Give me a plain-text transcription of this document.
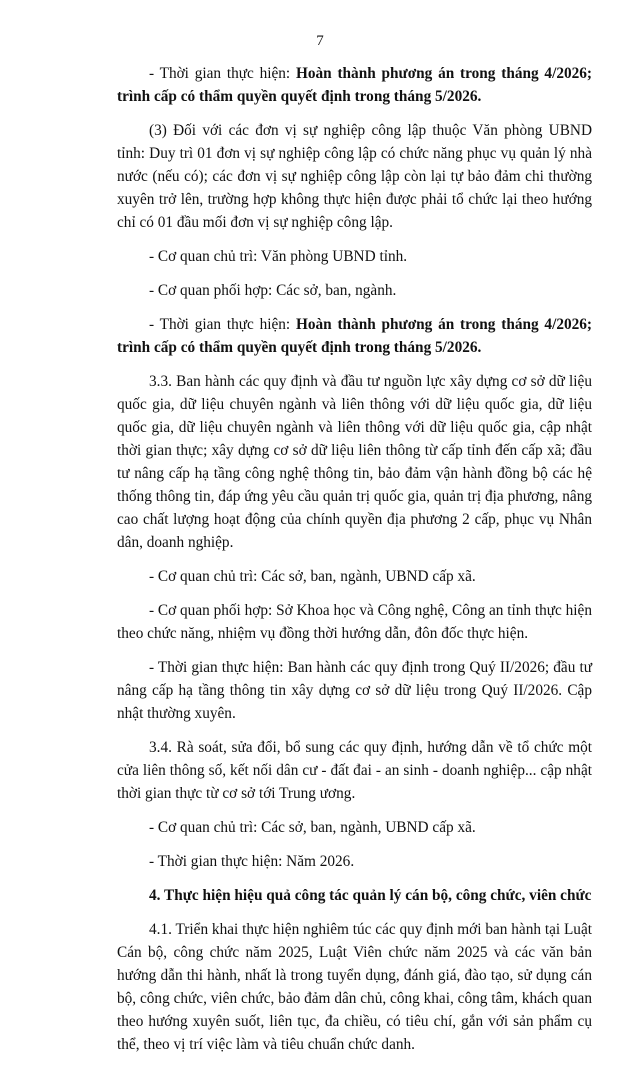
7

- Thời gian thực hiện: Hoàn thành phương án trong tháng 4/2026; trình cấp có thẩm quyền quyết định trong tháng 5/2026.

(3) Đối với các đơn vị sự nghiệp công lập thuộc Văn phòng UBND tỉnh: Duy trì 01 đơn vị sự nghiệp công lập có chức năng phục vụ quản lý nhà nước (nếu có); các đơn vị sự nghiệp công lập còn lại tự bảo đảm chi thường xuyên trở lên, trường hợp không thực hiện được phải tổ chức lại theo hướng chỉ có 01 đầu mối đơn vị sự nghiệp công lập.

- Cơ quan chủ trì: Văn phòng UBND tỉnh.

- Cơ quan phối hợp: Các sở, ban, ngành.

- Thời gian thực hiện: Hoàn thành phương án trong tháng 4/2026; trình cấp có thẩm quyền quyết định trong tháng 5/2026.

3.3. Ban hành các quy định và đầu tư nguồn lực xây dựng cơ sở dữ liệu quốc gia, dữ liệu chuyên ngành và liên thông với dữ liệu quốc gia, dữ liệu quốc gia, dữ liệu chuyên ngành và liên thông với dữ liệu quốc gia, cập nhật thời gian thực; xây dựng cơ sở dữ liệu liên thông từ cấp tỉnh đến cấp xã; đầu tư nâng cấp hạ tầng công nghệ thông tin, bảo đảm vận hành đồng bộ các hệ thống thông tin, đáp ứng yêu cầu quản trị quốc gia, quản trị địa phương, nâng cao chất lượng hoạt động của chính quyền địa phương 2 cấp, phục vụ Nhân dân, doanh nghiệp.

- Cơ quan chủ trì: Các sở, ban, ngành, UBND cấp xã.

- Cơ quan phối hợp: Sở Khoa học và Công nghệ, Công an tỉnh thực hiện theo chức năng, nhiệm vụ đồng thời hướng dẫn, đôn đốc thực hiện.

- Thời gian thực hiện: Ban hành các quy định trong Quý II/2026; đầu tư nâng cấp hạ tầng thông tin xây dựng cơ sở dữ liệu trong Quý II/2026. Cập nhật thường xuyên.

3.4. Rà soát, sửa đổi, bổ sung các quy định, hướng dẫn về tổ chức một cửa liên thông số, kết nối dân cư - đất đai - an sinh - doanh nghiệp... cập nhật thời gian thực từ cơ sở tới Trung ương.

- Cơ quan chủ trì: Các sở, ban, ngành, UBND cấp xã.

- Thời gian thực hiện: Năm 2026.

4. Thực hiện hiệu quả công tác quản lý cán bộ, công chức, viên chức

4.1. Triển khai thực hiện nghiêm túc các quy định mới ban hành tại Luật Cán bộ, công chức năm 2025, Luật Viên chức năm 2025 và các văn bản hướng dẫn thi hành, nhất là trong tuyển dụng, đánh giá, đào tạo, sử dụng cán bộ, công chức, viên chức, bảo đảm dân chủ, công khai, công tâm, khách quan theo hướng xuyên suốt, liên tục, đa chiều, có tiêu chí, gắn với sản phẩm cụ thể, theo vị trí việc làm và tiêu chuẩn chức danh.
